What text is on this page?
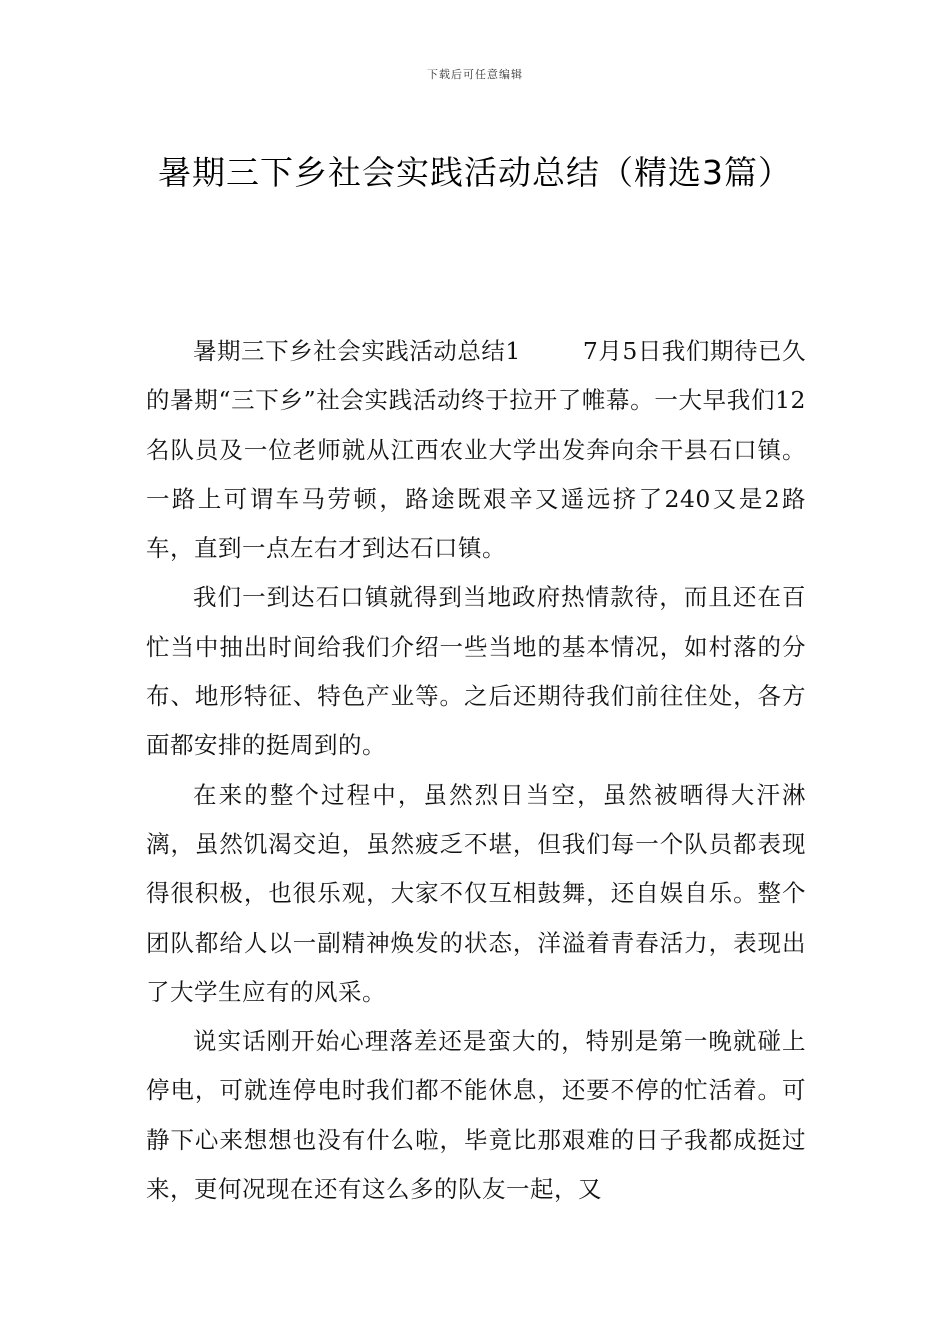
下载后可任意编辑
暑期三下乡社会实践活动总结（精选3篇）

暑期三下乡社会实践活动总结1	7月5日我们期待已久的暑期“三下乡”社会实践活动终于拉开了帷幕。一大早我们12名队员及一位老师就从江西农业大学出发奔向余干县石口镇。一路上可谓车马劳顿，路途既艰辛又遥远挤了240又是2路车，直到一点左右才到达石口镇。

我们一到达石口镇就得到当地政府热情款待，而且还在百忙当中抽出时间给我们介绍一些当地的基本情况，如村落的分布、地形特征、特色产业等。之后还期待我们前往住处，各方面都安排的挺周到的。

在来的整个过程中，虽然烈日当空，虽然被晒得大汗淋漓，虽然饥渴交迫，虽然疲乏不堪，但我们每一个队员都表现得很积极，也很乐观，大家不仅互相鼓舞，还自娱自乐。整个团队都给人以一副精神焕发的状态，洋溢着青春活力，表现出了大学生应有的风采。

说实话刚开始心理落差还是蛮大的，特别是第一晚就碰上停电，可就连停电时我们都不能休息，还要不停的忙活着。可静下心来想想也没有什么啦，毕竟比那艰难的日子我都成挺过来，更何况现在还有这么多的队友一起，又
